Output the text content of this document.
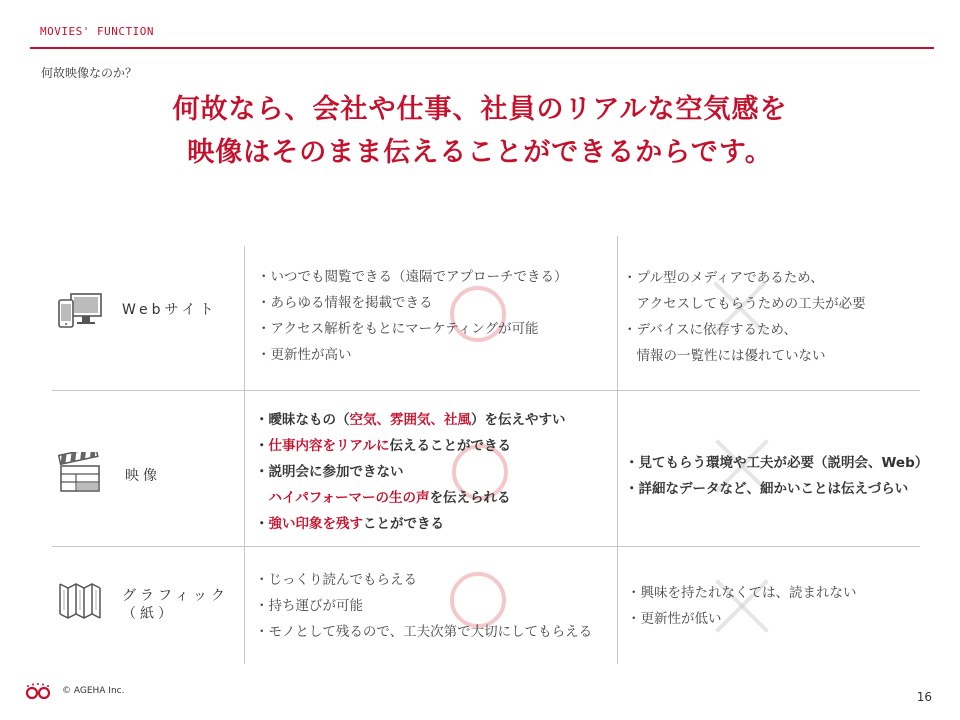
MOVIES' FUNCTION
何故映像なのか？
何故なら、会社や仕事、社員のリアルな空気感を
映像はそのまま伝えることができるからです。
Webサイト
・いつでも閲覧できる（遠隔でアプローチできる）
・あらゆる情報を掲載できる
・アクセス解析をもとにマーケティングが可能
・更新性が高い
・プル型のメディアであるため、
　アクセスしてもらうための工夫が必要
・デバイスに依存するため、
　情報の一覧性には優れていない
映像
・曖昧なもの（空気、雰囲気、社風）を伝えやすい
・仕事内容をリアルに伝えることができる
・説明会に参加できない
　ハイパフォーマーの生の声を伝えられる
・強い印象を残すことができる
・見てもらう環境や工夫が必要（説明会、Web）
・詳細なデータなど、細かいことは伝えづらい
グラフィック
（紙）
・じっくり読んでもらえる
・持ち運びが可能
・モノとして残るので、工夫次第で大切にしてもらえる
・興味を持たれなくては、読まれない
・更新性が低い
© AGEHA Inc.	16
